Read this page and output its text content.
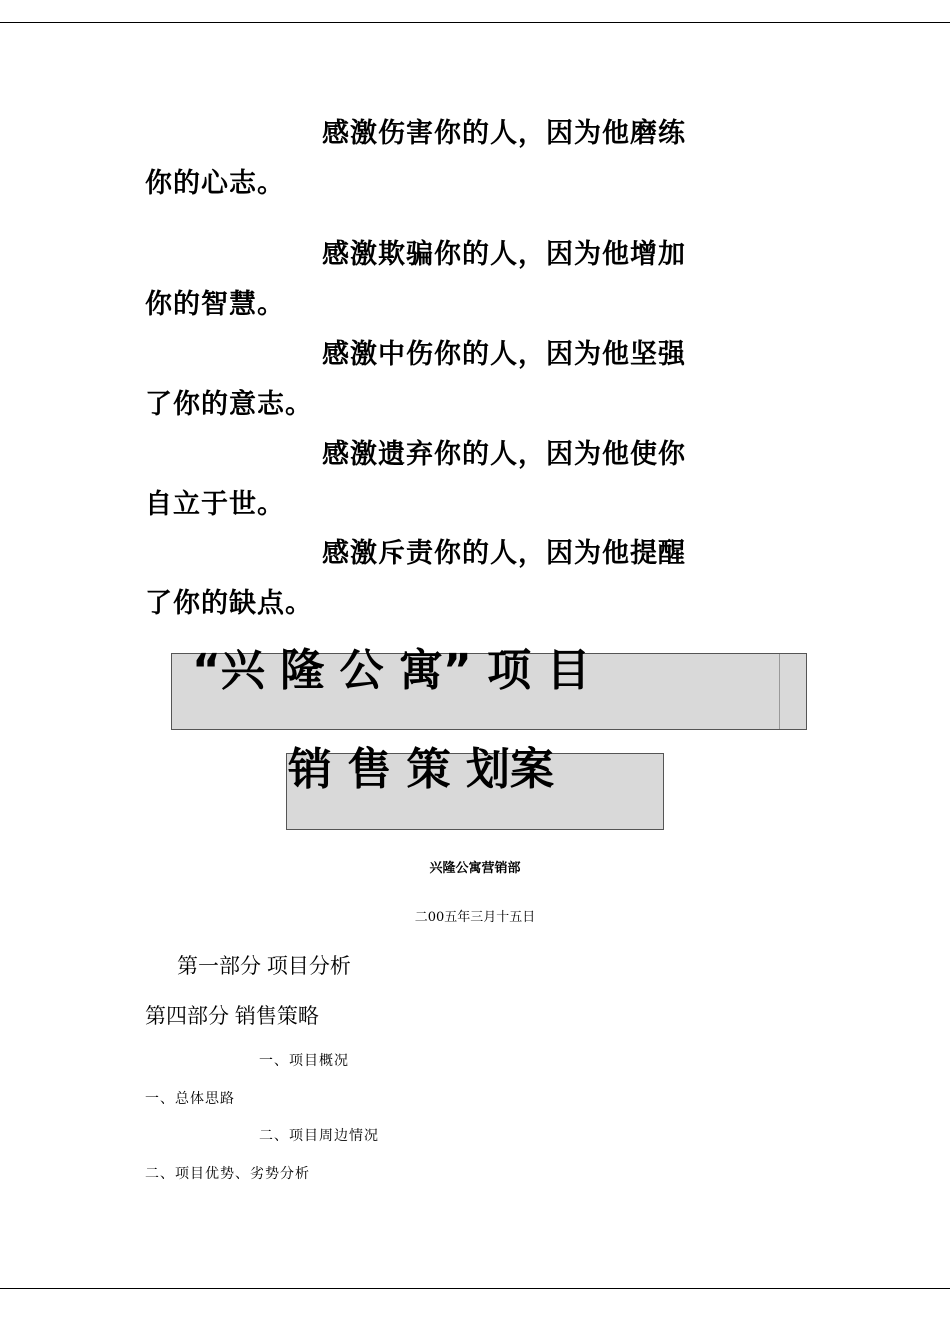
感激伤害你的人，因为他磨练
你的心志。

感激欺骗你的人，因为他增加
你的智慧。

感激中伤你的人，因为他坚强
了你的意志。

感激遗弃你的人，因为他使你
自立于世。

感激斥责你的人，因为他提醒
了你的缺点。

“兴 隆 公 寓” 项 目
销 售 策 划案
兴隆公寓营销部
二00五年三月十五日
第一部分 项目分析
第四部分 销售策略
一、项目概况
一、总体思路
二、项目周边情况
二、项目优势、劣势分析
